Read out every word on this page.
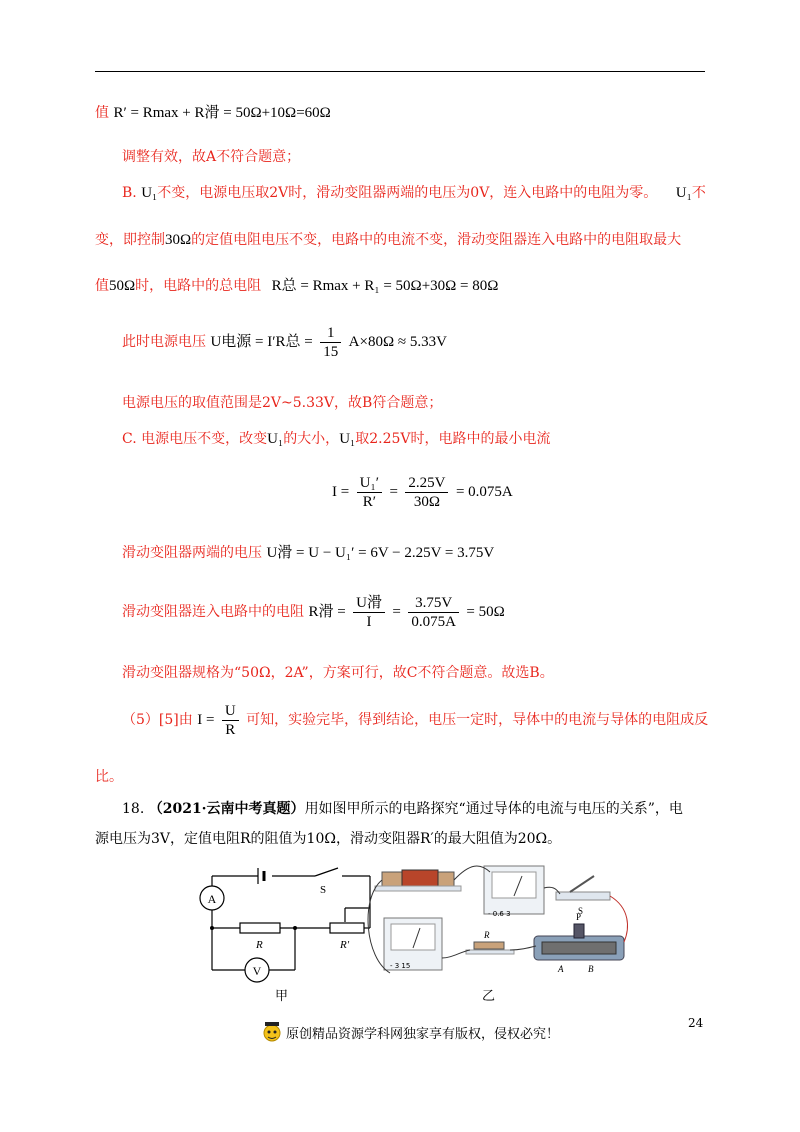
值 R′ = Rmax + R滑 = 50Ω+10Ω=60Ω
调整有效，故A不符合题意；
B. U₁不变，电源电压取2V时，滑动变阻器两端的电压为0V，连入电路中的电阻为零。 U₁不
变，即控制30Ω的定值电阻电压不变，电路中的电流不变，滑动变阻器连入电路中的电阻取最大
值50Ω时，电路中的总电阻 R总 = Rmax + R₁ = 50Ω+30Ω = 80Ω
此时电源电压 U电源 = I′R总 = $\frac{1}{15} A\times 80\Omega \approx 5.33V$
电源电压的取值范围是2V~5.33V，故B符合题意；
C. 电源电压不变，改变U₁的大小，U₁取2.25V时，电路中的最小电流
$I = \frac{\text{U₁′}}{R'} = \frac{2.25V}{30\Omega} = 0.075A$
滑动变阻器两端的电压 U滑 = U − U₁′ = 6V − 2.25V = 3.75V
滑动变阻器连入电路中的电阻 R滑 = $\frac{\text{U滑}}{I} = \frac{3.75V}{0.075A} = 50\Omega$
滑动变阻器规格为“50Ω，2A”，方案可行，故C不符合题意。故选B。
（5）[5]由 $I = \frac{U}{R}$ 可知，实验完毕，得到结论，电压一定时，导体中的电流与导体的电阻成反
比。
18. （2021·云南中考真题）用如图甲所示的电路探究“通过导体的电流与电压的关系”，电
源电压为3V，定值电阻R的阻值为10Ω，滑动变阻器R′的最大阻值为20Ω。
A
V
S
R	R′
甲
- 0.6 3	S
- 3 15
R
P
A	B
乙
24
原创精品资源学科网独家享有版权，侵权必究！
